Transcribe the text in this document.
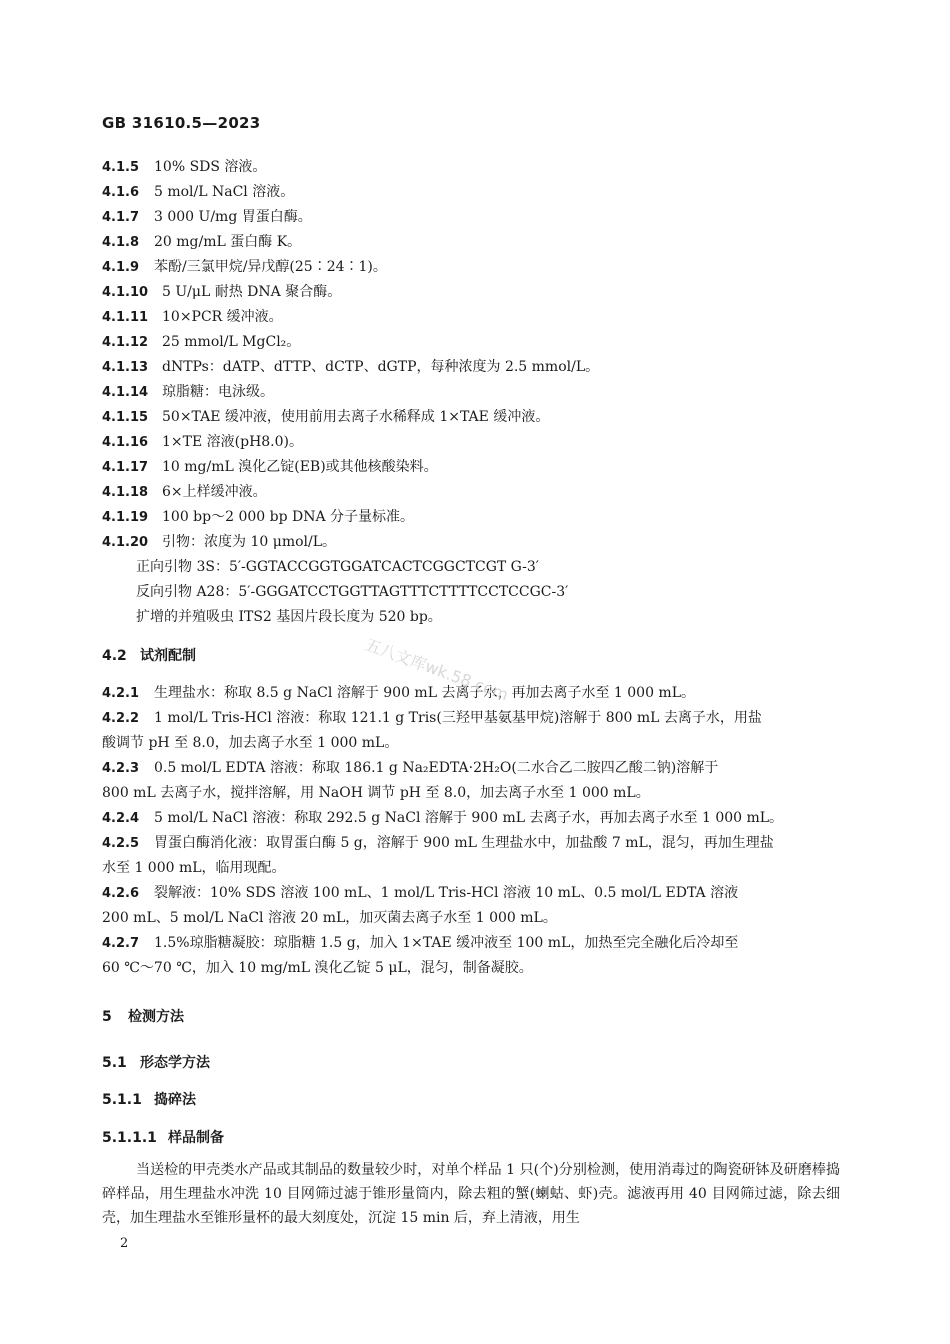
GB 31610.5—2023
4.1.5 10% SDS 溶液。
4.1.6 5 mol/L NaCl 溶液。
4.1.7 3 000 U/mg 胃蛋白酶。
4.1.8 20 mg/mL 蛋白酶 K。
4.1.9 苯酚/三氯甲烷/异戊醇(25∶24∶1)。
4.1.10 5 U/μL 耐热 DNA 聚合酶。
4.1.11 10×PCR 缓冲液。
4.1.12 25 mmol/L MgCl₂。
4.1.13 dNTPs：dATP、dTTP、dCTP、dGTP，每种浓度为 2.5 mmol/L。
4.1.14 琼脂糖：电泳级。
4.1.15 50×TAE 缓冲液，使用前用去离子水稀释成 1×TAE 缓冲液。
4.1.16 1×TE 溶液(pH8.0)。
4.1.17 10 mg/mL 溴化乙锭(EB)或其他核酸染料。
4.1.18 6×上样缓冲液。
4.1.19 100 bp～2 000 bp DNA 分子量标准。
4.1.20 引物：浓度为 10 μmol/L。
正向引物 3S：5′-GGTACCGGTGGATCACTCGGCTCGT G-3′
反向引物 A28：5′-GGGATCCTGGTTAGTTTCTTTTCCTCCGC-3′
扩增的并殖吸虫 ITS2 基因片段长度为 520 bp。
4.2 试剂配制
4.2.1 生理盐水：称取 8.5 g NaCl 溶解于 900 mL 去离子水，再加去离子水至 1 000 mL。
4.2.2 1 mol/L Tris-HCl 溶液：称取 121.1 g Tris(三羟甲基氨基甲烷)溶解于 800 mL 去离子水，用盐
酸调节 pH 至 8.0，加去离子水至 1 000 mL。
4.2.3 0.5 mol/L EDTA 溶液：称取 186.1 g Na₂EDTA·2H₂O(二水合乙二胺四乙酸二钠)溶解于
800 mL 去离子水，搅拌溶解，用 NaOH 调节 pH 至 8.0，加去离子水至 1 000 mL。
4.2.4 5 mol/L NaCl 溶液：称取 292.5 g NaCl 溶解于 900 mL 去离子水，再加去离子水至 1 000 mL。
4.2.5 胃蛋白酶消化液：取胃蛋白酶 5 g，溶解于 900 mL 生理盐水中，加盐酸 7 mL，混匀，再加生理盐
水至 1 000 mL，临用现配。
4.2.6 裂解液：10% SDS 溶液 100 mL、1 mol/L Tris-HCl 溶液 10 mL、0.5 mol/L EDTA 溶液
200 mL、5 mol/L NaCl 溶液 20 mL，加灭菌去离子水至 1 000 mL。
4.2.7 1.5%琼脂糖凝胶：琼脂糖 1.5 g，加入 1×TAE 缓冲液至 100 mL，加热至完全融化后冷却至
60 ℃～70 ℃，加入 10 mg/mL 溴化乙锭 5 μL，混匀，制备凝胶。
5 检测方法
5.1 形态学方法
5.1.1 捣碎法
5.1.1.1 样品制备
当送检的甲壳类水产品或其制品的数量较少时，对单个样品 1 只(个)分别检测，使用消毒过的陶瓷研钵及研磨棒捣碎样品，用生理盐水冲洗 10 目网筛过滤于锥形量筒内，除去粗的蟹(蝲蛄、虾)壳。滤液再用 40 目网筛过滤，除去细壳，加生理盐水至锥形量杯的最大刻度处，沉淀 15 min 后，弃上清液，用生
五八文库wk.58.com
2
